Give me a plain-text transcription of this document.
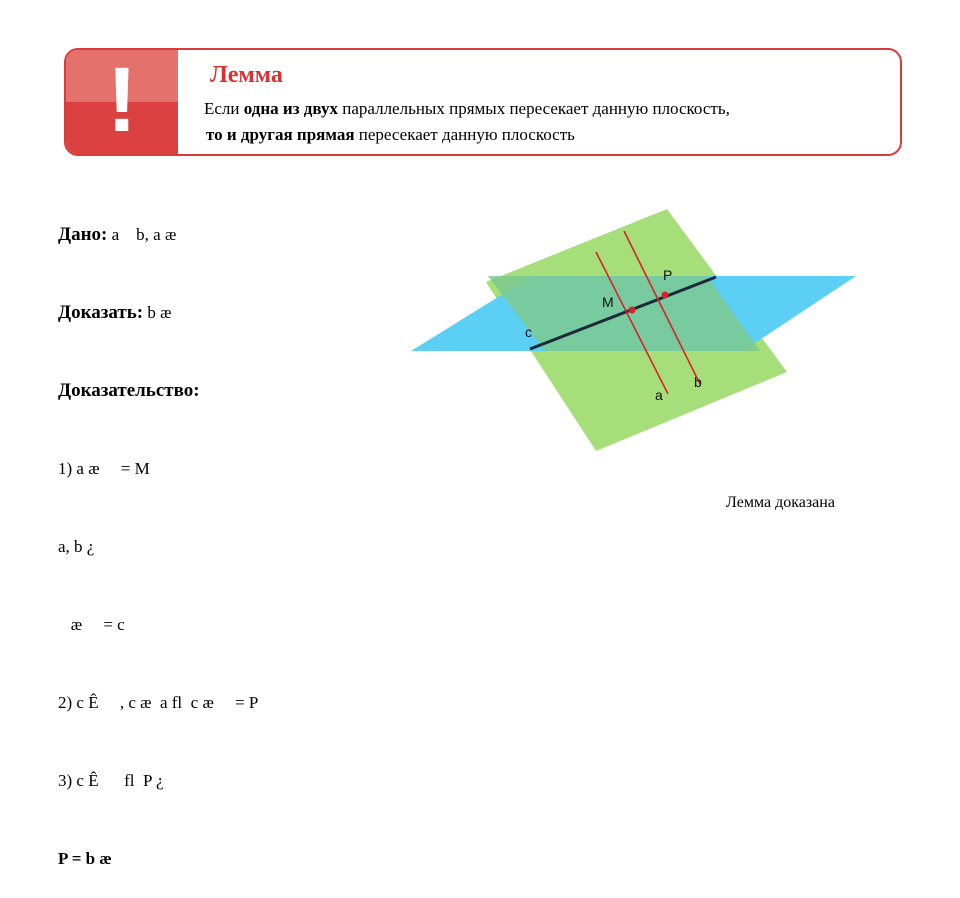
!	Лемма
Если одна из двух параллельных прямых пересекает данную плоскость,
то и другая прямая пересекает данную плоскость

Дано: a    b, a æ

Доказать: b æ

Доказательство:

1) a æ     = M

a, b ¿

æ     = c

2) c Ê     , c æ  a fl  c æ     = P

3) c Ê      fl  P ¿

P = b æ

P
M
c
a
b
Лемма доказана
